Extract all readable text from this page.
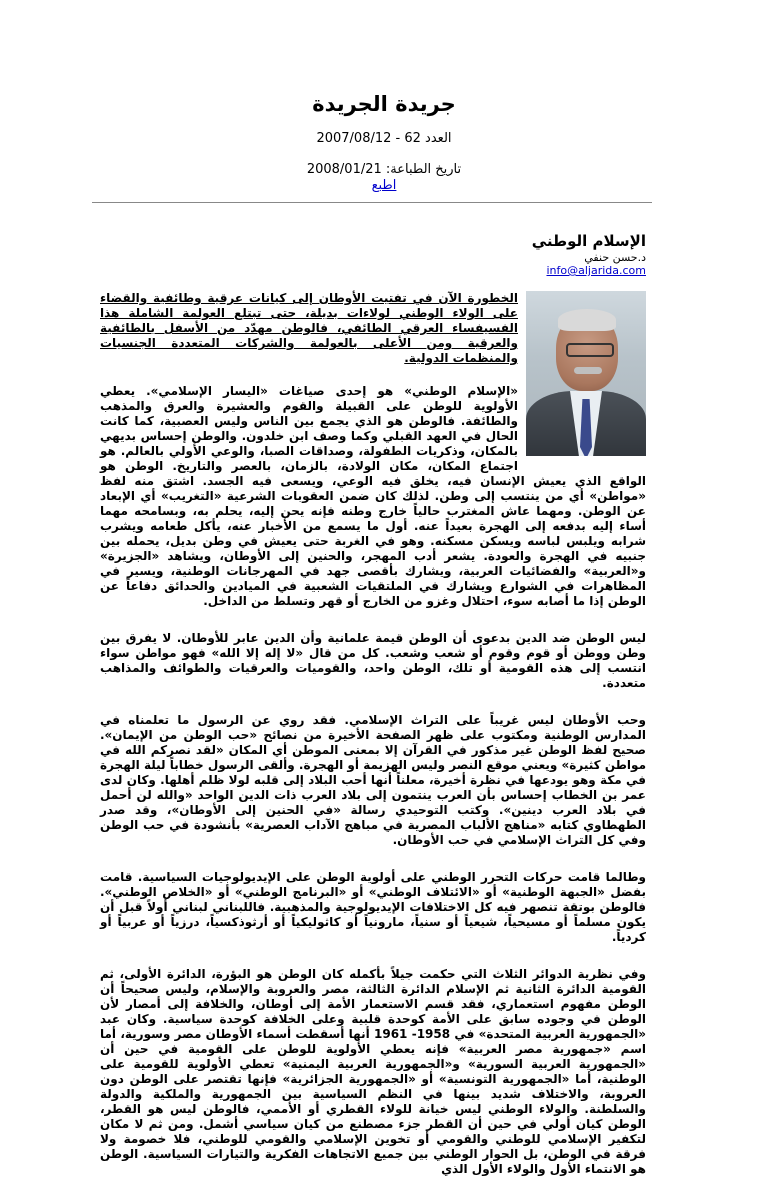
جريدة الجريدة
العدد 62 - 2007/08/12
تاريخ الطباعة: 2008/01/21
اطبع
الإسلام الوطني
د.حسن حنفي
info@aljarida.com

الخطورة الآن في تفتيت الأوطان إلى كيانات عرقية وطائفية والقضاء على الولاء الوطني لولاءات بديلة، حتى تبتلع العولمة الشاملة هذا الفسيفساء العرقي الطائفي، فالوطن مهدّد من الأسفل بالطائفية والعرقية ومن الأعلى بالعولمة والشركات المتعددة الجنسيات والمنظمات الدولية.

«الإسلام الوطني» هو إحدى صياغات «اليسار الإسلامي». يعطي الأولوية للوطن على القبيلة والقوم والعشيرة والعرق والمذهب والطائفة. فالوطن هو الذي يجمع بين الناس وليس العصبية، كما كانت الحال في العهد القبلي وكما وصف ابن خلدون. والوطن إحساس بديهي بالمكان، وذكريات الطفولة، وصداقات الصبا، والوعي الأولي بالعالم. هو اجتماع المكان، مكان الولادة، بالزمان، بالعصر والتاريخ. الوطن هو الواقع الذي يعيش الإنسان فيه، يخلق فيه الوعي، ويسعى فيه الجسد. اشتق منه لفظ «مواطن» أي من ينتسب إلى وطن. لذلك كان ضمن العقوبات الشرعية «التغريب» أي الإبعاد عن الوطن. ومهما عاش المغترب حالياً خارج وطنه فإنه يحن إليه، يحلم به، وبسامحه مهما أساء إليه بدفعه إلى الهجرة بعيداً عنه. أول ما يسمع من الأخبار عنه، يأكل طعامه ويشرب شرابه ويلبس لباسه ويسكن مسكنه. وهو في الغربة حتى يعيش في وطن بديل، يحمله بين جنبيه في الهجرة والعودة. يشعر أدب المهجر، والحنين إلى الأوطان، ويشاهد «الجزيرة» و«العربية» والفضائيات العربية، ويشارك بأقصى جهد في المهرجانات الوطنية، ويسير في المظاهرات في الشوارع ويشارك في الملتقيات الشعبية في الميادين والحدائق دفاعاً عن الوطن إذا ما أصابه سوء، احتلال وغزو من الخارج أو قهر وتسلط من الداخل.

ليس الوطن ضد الدين بدعوى أن الوطن قيمة علمانية وأن الدين عابر للأوطان. لا يفرق بين وطن ووطن أو قوم وقوم أو شعب وشعب. كل من قال «لا إله إلا الله» فهو مواطن سواء انتسب إلى هذه القومية أو تلك، الوطن واحد، والقوميات والعرقيات والطوائف والمذاهب متعددة.

وحب الأوطان ليس غريباً على التراث الإسلامي. فقد روي عن الرسول ما تعلمناه في المدارس الوطنية ومكتوب على ظهر الصفحة الأخيرة من نصائح «حب الوطن من الإيمان». صحيح لفظ الوطن غير مذكور في القرآن إلا بمعنى الموطن أي المكان «لقد نصركم الله في مواطن كثيرة» ويعني موقع النصر وليس الهزيمة أو الهجرة. وألقى الرسول خطاباً ليلة الهجرة في مكة وهو يودعها في نظرة أخيرة، معلناً أنها أحب البلاد إلى قلبه لولا ظلم أهلها. وكان لدى عمر بن الخطاب إحساس بأن العرب ينتمون إلى بلاد العرب ذات الدين الواحد «والله لن أحمل في بلاد العرب دينين». وكتب التوحيدي رسالة «في الحنين إلى الأوطان»، وقد صدر الطهطاوي كتابه «مناهج الألباب المصرية في مباهج الآداب العصرية» بأنشودة في حب الوطن وفي كل التراث الإسلامي في حب الأوطان.

وطالما قامت حركات التحرر الوطني على أولوية الوطن على الإيديولوجيات السياسية. قامت بفضل «الجبهة الوطنية» أو «الائتلاف الوطني» أو «البرنامج الوطني» أو «الخلاص الوطني». فالوطن بوتقة تنصهر فيه كل الاختلافات الإيديولوجية والمذهبية. فاللبناني لبناني أولاً قبل أن يكون مسلماً أو مسيحياً، شيعياً أو سنياً، مارونياً أو كاثوليكياً أو أرثوذكسياً، درزياً أو عربياً أو كردياً.

وفي نظرية الدوائر الثلاث التي حكمت جيلاً بأكمله كان الوطن هو البؤرة، الدائرة الأولى، ثم القومية الدائرة الثانية ثم الإسلام الدائرة الثالثة، مصر والعروبة والإسلام، وليس صحيحاً أن الوطن مفهوم استعماري، فقد قسم الاستعمار الأمة إلى أوطان، والخلافة إلى أمصار لأن الوطن في وجوده سابق على الأمة كوحدة قلبية وعلى الخلافة كوحدة سياسية. وكان عبد «الجمهورية العربية المتحدة» في 1958- 1961 أنها أسقطت أسماء الأوطان مصر وسورية، أما اسم «جمهورية مصر العربية» فإنه يعطي الأولوية للوطن على القومية في حين أن «الجمهورية العربية السورية» و«الجمهورية العربية اليمنية» تعطي الأولوية للقومية على الوطنية، أما «الجمهورية التونسية» أو «الجمهورية الجزائرية» فإنها تقتصر على الوطن دون العروبة، والاختلاف شديد بينها في النظم السياسية بين الجمهورية والملكية والدولة والسلطنة. والولاء الوطني ليس خيانة للولاء القطري أو الأممي، فالوطن ليس هو القطر، الوطن كيان أولي في حين أن القطر جزء مصطنع من كيان سياسي أشمل. ومن ثم لا مكان لتكفير الإسلامي للوطني والقومي أو تخوين الإسلامي والقومي للوطني، فلا خصومة ولا فرقة في الوطن، بل الحوار الوطني بين جميع الاتجاهات الفكرية والتيارات السياسية. الوطن هو الانتماء الأول والولاء الأول الذي
